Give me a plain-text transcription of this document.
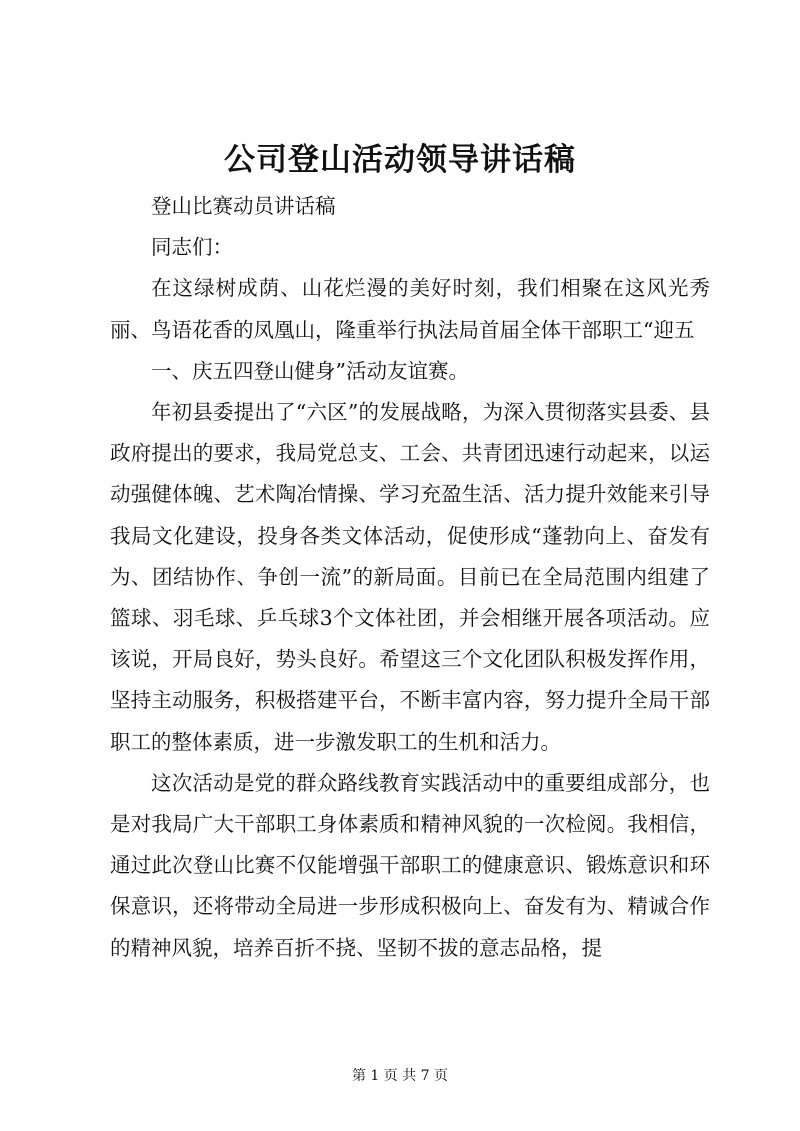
公司登山活动领导讲话稿

登山比赛动员讲话稿

同志们：

在这绿树成荫、山花烂漫的美好时刻，我们相聚在这风光秀丽、鸟语花香的凤凰山，隆重举行执法局首届全体干部职工“迎五

一、庆五四登山健身”活动友谊赛。

年初县委提出了“六区”的发展战略，为深入贯彻落实县委、县政府提出的要求，我局党总支、工会、共青团迅速行动起来，以运动强健体魄、艺术陶冶情操、学习充盈生活、活力提升效能来引导我局文化建设，投身各类文体活动，促使形成“蓬勃向上、奋发有为、团结协作、争创一流”的新局面。目前已在全局范围内组建了篮球、羽毛球、乒乓球3个文体社团，并会相继开展各项活动。应该说，开局良好，势头良好。希望这三个文化团队积极发挥作用，坚持主动服务，积极搭建平台，不断丰富内容，努力提升全局干部职工的整体素质，进一步激发职工的生机和活力。

这次活动是党的群众路线教育实践活动中的重要组成部分，也是对我局广大干部职工身体素质和精神风貌的一次检阅。我相信，通过此次登山比赛不仅能增强干部职工的健康意识、锻炼意识和环保意识，还将带动全局进一步形成积极向上、奋发有为、精诚合作的精神风貌，培养百折不挠、坚韧不拔的意志品格，提

第 1 页 共 7 页
